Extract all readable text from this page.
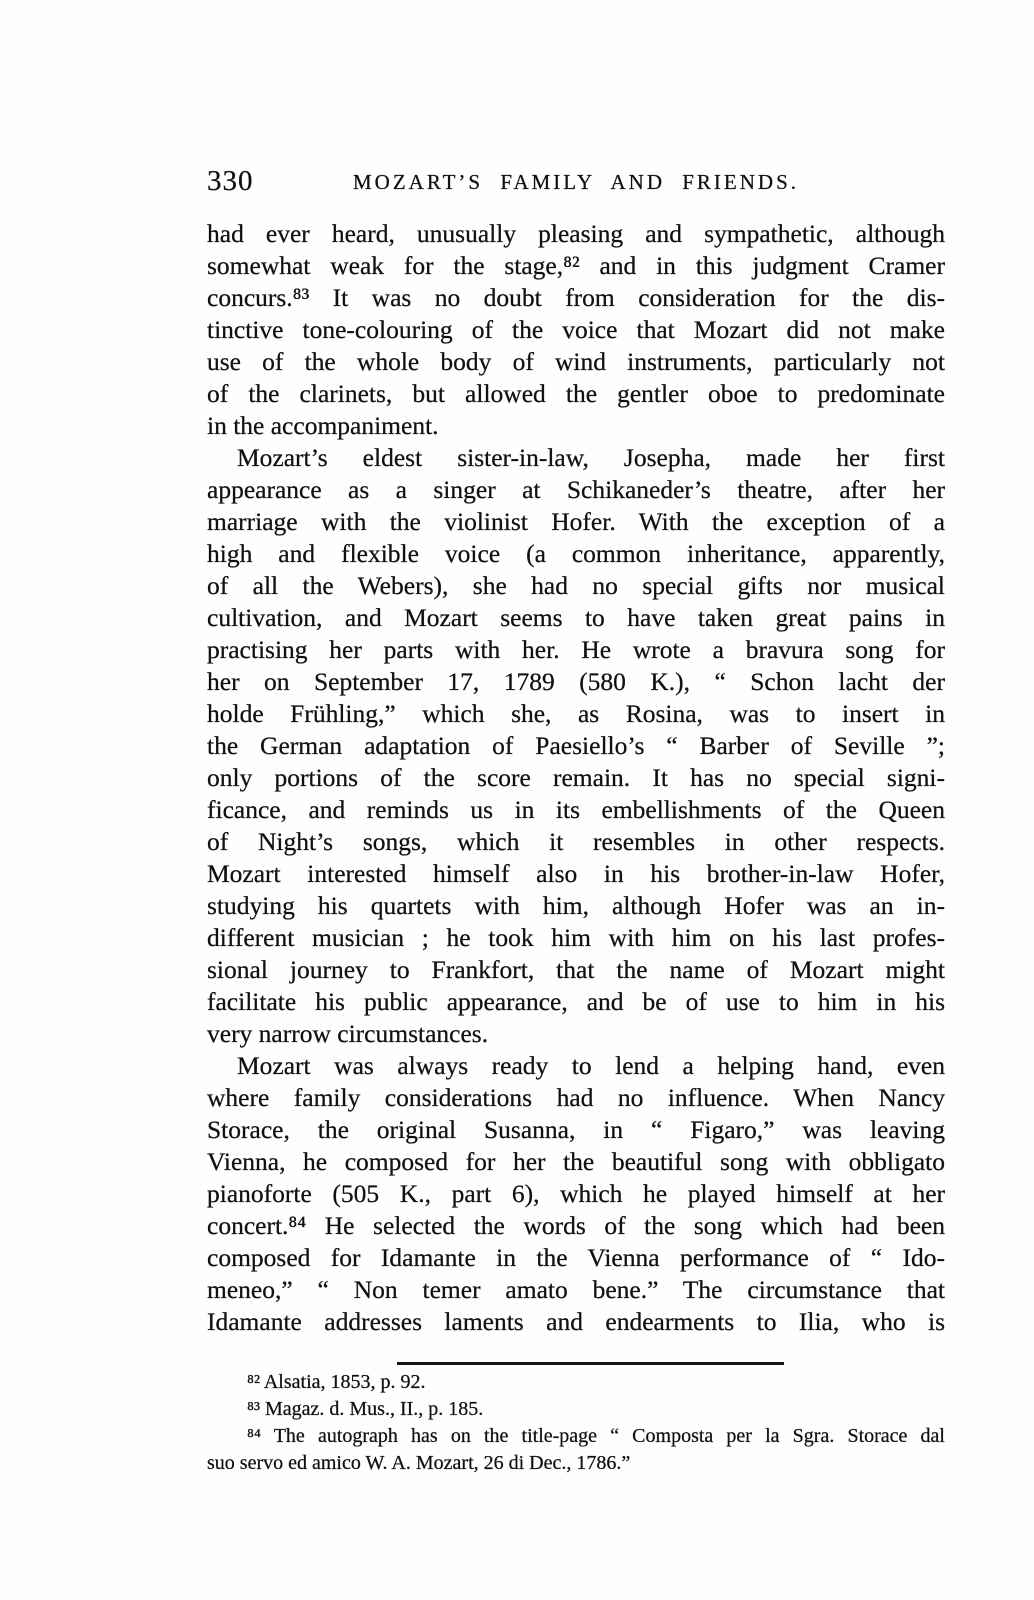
330	MOZART’S FAMILY AND FRIENDS.
had ever heard, unusually pleasing and sympathetic, although
somewhat weak for the stage,⁸² and in this judgment Cramer
concurs.⁸³ It was no doubt from consideration for the dis-
tinctive tone-colouring of the voice that Mozart did not make
use of the whole body of wind instruments, particularly not
of the clarinets, but allowed the gentler oboe to predominate
in the accompaniment.
Mozart’s eldest sister-in-law, Josepha, made her first
appearance as a singer at Schikaneder’s theatre, after her
marriage with the violinist Hofer. With the exception of a
high and flexible voice (a common inheritance, apparently,
of all the Webers), she had no special gifts nor musical
cultivation, and Mozart seems to have taken great pains in
practising her parts with her. He wrote a bravura song for
her on September 17, 1789 (580 K.), “ Schon lacht der
holde Frühling,” which she, as Rosina, was to insert in
the German adaptation of Paesiello’s “ Barber of Seville ”;
only portions of the score remain. It has no special signi-
ficance, and reminds us in its embellishments of the Queen
of Night’s songs, which it resembles in other respects.
Mozart interested himself also in his brother-in-law Hofer,
studying his quartets with him, although Hofer was an in-
different musician ; he took him with him on his last profes-
sional journey to Frankfort, that the name of Mozart might
facilitate his public appearance, and be of use to him in his
very narrow circumstances.
Mozart was always ready to lend a helping hand, even
where family considerations had no influence. When Nancy
Storace, the original Susanna, in “ Figaro,” was leaving
Vienna, he composed for her the beautiful song with obbligato
pianoforte (505 K., part 6), which he played himself at her
concert.⁸⁴ He selected the words of the song which had been
composed for Idamante in the Vienna performance of “ Ido-
meneo,” “ Non temer amato bene.” The circumstance that
Idamante addresses laments and endearments to Ilia, who is
⁸² Alsatia, 1853, p. 92.
⁸³ Magaz. d. Mus., II., p. 185.
⁸⁴ The autograph has on the title-page “ Composta per la Sgra. Storace dal
suo servo ed amico W. A. Mozart, 26 di Dec., 1786.”
